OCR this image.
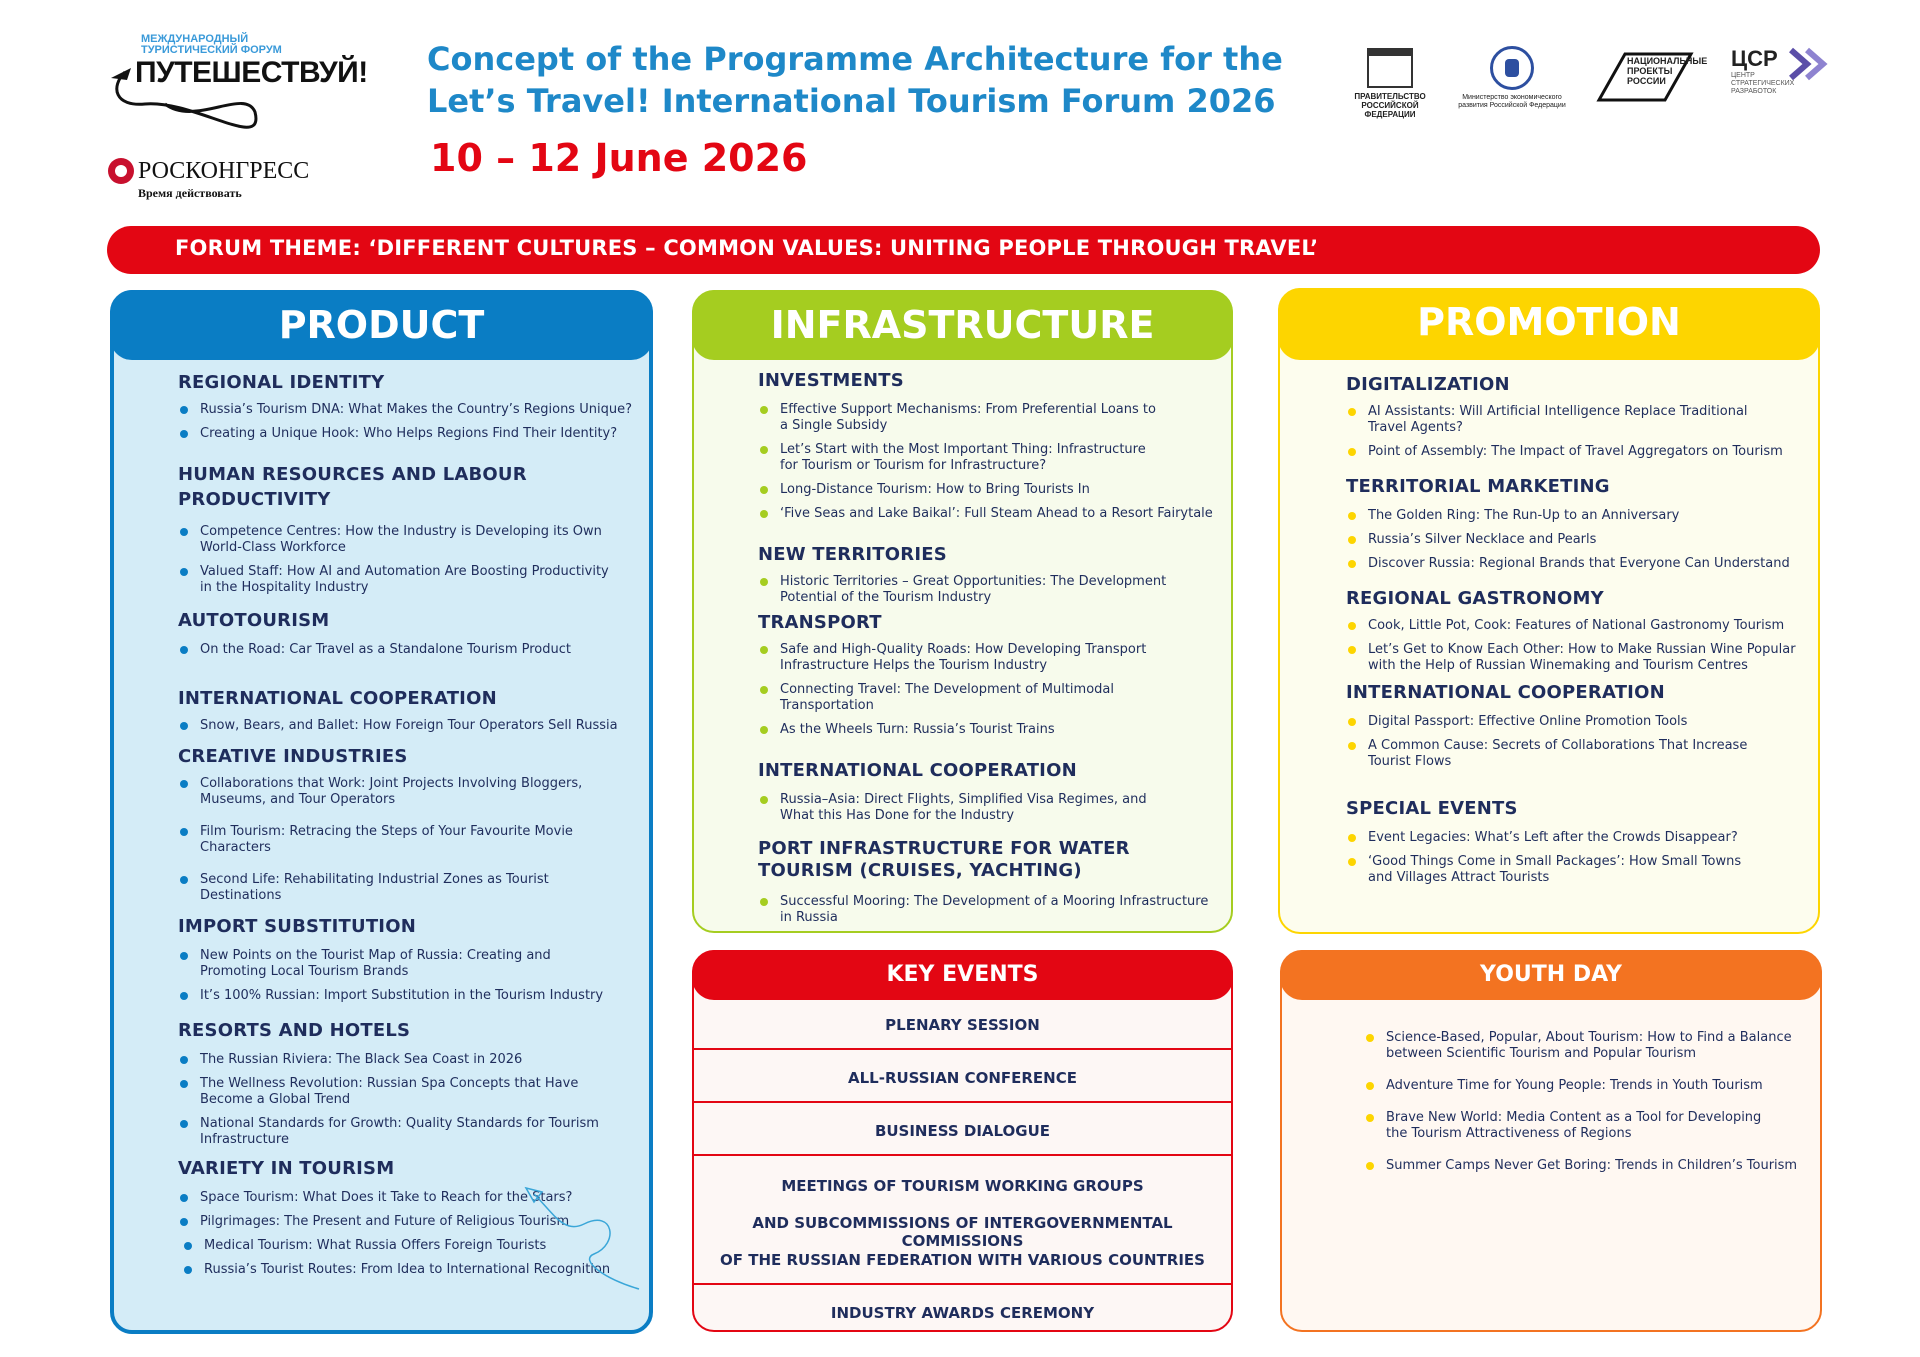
МЕЖДУНАРОДНЫЙ
ТУРИСТИЧЕСКИЙ ФОРУМ
ПУТЕШЕСТВУЙ!
РОСКОНГРЕСС
Время действовать
Concept of the Programme Architecture for the Let’s Travel! International Tourism Forum 2026
10 – 12 June 2026
ПРАВИТЕЛЬСТВО РОССИЙСКОЙ ФЕДЕРАЦИИ
Министерство экономического развития Российской Федерации
НАЦИОНАЛЬНЫЕ ПРОЕКТЫ РОССИИ
ЦСР
ЦЕНТР СТРАТЕГИЧЕСКИХ РАЗРАБОТОК
FORUM THEME: ‘DIFFERENT CULTURES – COMMON VALUES: UNITING PEOPLE THROUGH TRAVEL’
PRODUCT
REGIONAL IDENTITY
Russia’s Tourism DNA: What Makes the Country’s Regions Unique?
Creating a Unique Hook: Who Helps Regions Find Their Identity?
HUMAN RESOURCES AND LABOUR PRODUCTIVITY
Competence Centres: How the Industry is Developing its Own World-Class Workforce
Valued Staff: How AI and Automation Are Boosting Productivity in the Hospitality Industry
AUTOTOURISM
On the Road: Car Travel as a Standalone Tourism Product
INTERNATIONAL COOPERATION
Snow, Bears, and Ballet: How Foreign Tour Operators Sell Russia
CREATIVE INDUSTRIES
Collaborations that Work: Joint Projects Involving Bloggers, Museums, and Tour Operators
Film Tourism: Retracing the Steps of Your Favourite Movie Characters
Second Life: Rehabilitating Industrial Zones as Tourist Destinations
IMPORT SUBSTITUTION
New Points on the Tourist Map of Russia: Creating and Promoting Local Tourism Brands
It’s 100% Russian: Import Substitution in the Tourism Industry
RESORTS AND HOTELS
The Russian Riviera: The Black Sea Coast in 2026
The Wellness Revolution: Russian Spa Concepts that Have Become a Global Trend
National Standards for Growth: Quality Standards for Tourism Infrastructure
VARIETY IN TOURISM
Space Tourism: What Does it Take to Reach for the Stars?
Pilgrimages: The Present and Future of Religious Tourism
Medical Tourism: What Russia Offers Foreign Tourists
Russia’s Tourist Routes: From Idea to International Recognition
INFRASTRUCTURE
INVESTMENTS
Effective Support Mechanisms: From Preferential Loans to a Single Subsidy
Let’s Start with the Most Important Thing: Infrastructure for Tourism or Tourism for Infrastructure?
Long-Distance Tourism: How to Bring Tourists In
‘Five Seas and Lake Baikal’: Full Steam Ahead to a Resort Fairytale
NEW TERRITORIES
Historic Territories – Great Opportunities: The Development Potential of the Tourism Industry
TRANSPORT
Safe and High-Quality Roads: How Developing Transport Infrastructure Helps the Tourism Industry
Connecting Travel: The Development of Multimodal Transportation
As the Wheels Turn: Russia’s Tourist Trains
INTERNATIONAL COOPERATION
Russia–Asia: Direct Flights, Simplified Visa Regimes, and What this Has Done for the Industry
PORT INFRASTRUCTURE FOR WATER TOURISM (CRUISES, YACHTING)
Successful Mooring: The Development of a Mooring Infrastructure in Russia
PROMOTION
DIGITALIZATION
AI Assistants: Will Artificial Intelligence Replace Traditional Travel Agents?
Point of Assembly: The Impact of Travel Aggregators on Tourism
TERRITORIAL MARKETING
The Golden Ring: The Run-Up to an Anniversary
Russia’s Silver Necklace and Pearls
Discover Russia: Regional Brands that Everyone Can Understand
REGIONAL GASTRONOMY
Cook, Little Pot, Cook: Features of National Gastronomy Tourism
Let’s Get to Know Each Other: How to Make Russian Wine Popular with the Help of Russian Winemaking and Tourism Centres
INTERNATIONAL COOPERATION
Digital Passport: Effective Online Promotion Tools
A Common Cause: Secrets of Collaborations That Increase Tourist Flows
SPECIAL EVENTS
Event Legacies: What’s Left after the Crowds Disappear?
‘Good Things Come in Small Packages’: How Small Towns and Villages Attract Tourists
KEY EVENTS
PLENARY SESSION
ALL-RUSSIAN CONFERENCE
BUSINESS DIALOGUE
MEETINGS OF TOURISM WORKING GROUPS
AND SUBCOMMISSIONS OF INTERGOVERNMENTAL COMMISSIONS
OF THE RUSSIAN FEDERATION WITH VARIOUS COUNTRIES
INDUSTRY AWARDS CEREMONY
YOUTH DAY
Science-Based, Popular, About Tourism: How to Find a Balance between Scientific Tourism and Popular Tourism
Adventure Time for Young People: Trends in Youth Tourism
Brave New World: Media Content as a Tool for Developing the Tourism Attractiveness of Regions
Summer Camps Never Get Boring: Trends in Children’s Tourism
